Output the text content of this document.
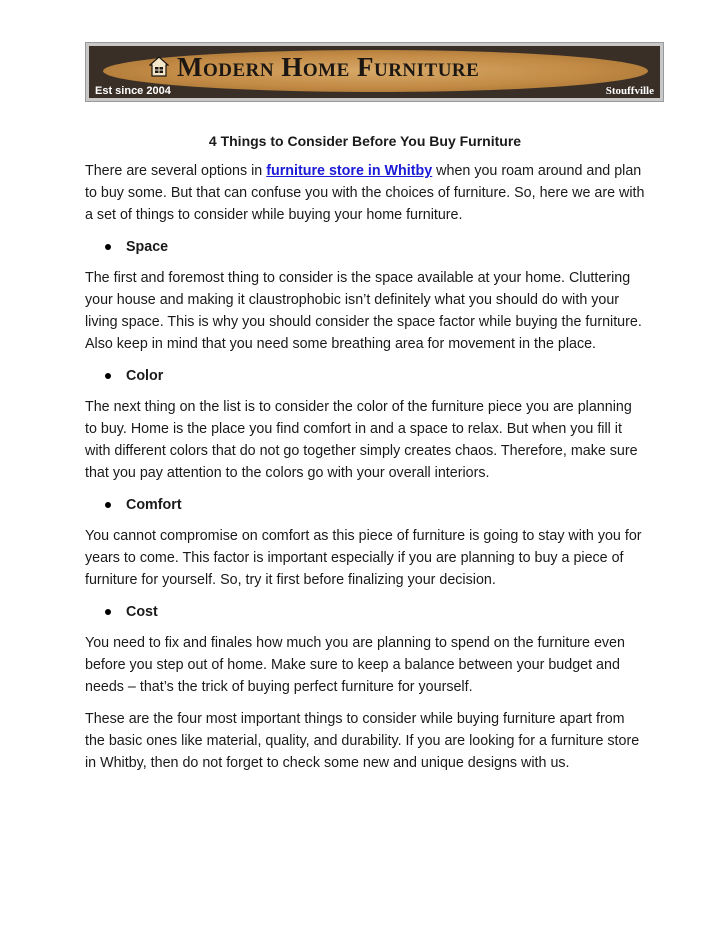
Modern Home Furniture
Est since 2004	Stouffville
4 Things to Consider Before You Buy Furniture

There are several options in furniture store in Whitby when you roam around and plan to buy some. But that can confuse you with the choices of furniture. So, here we are with a set of things to consider while buying your home furniture.

Space

The first and foremost thing to consider is the space available at your home. Cluttering your house and making it claustrophobic isn’t definitely what you should do with your living space. This is why you should consider the space factor while buying the furniture. Also keep in mind that you need some breathing area for movement in the place.

Color

The next thing on the list is to consider the color of the furniture piece you are planning to buy. Home is the place you find comfort in and a space to relax. But when you fill it with different colors that do not go together simply creates chaos. Therefore, make sure that you pay attention to the colors go with your overall interiors.

Comfort

You cannot compromise on comfort as this piece of furniture is going to stay with you for years to come. This factor is important especially if you are planning to buy a piece of furniture for yourself. So, try it first before finalizing your decision.

Cost

You need to fix and finales how much you are planning to spend on the furniture even before you step out of home. Make sure to keep a balance between your budget and needs – that’s the trick of buying perfect furniture for yourself.

These are the four most important things to consider while buying furniture apart from the basic ones like material, quality, and durability. If you are looking for a furniture store in Whitby, then do not forget to check some new and unique designs with us.
